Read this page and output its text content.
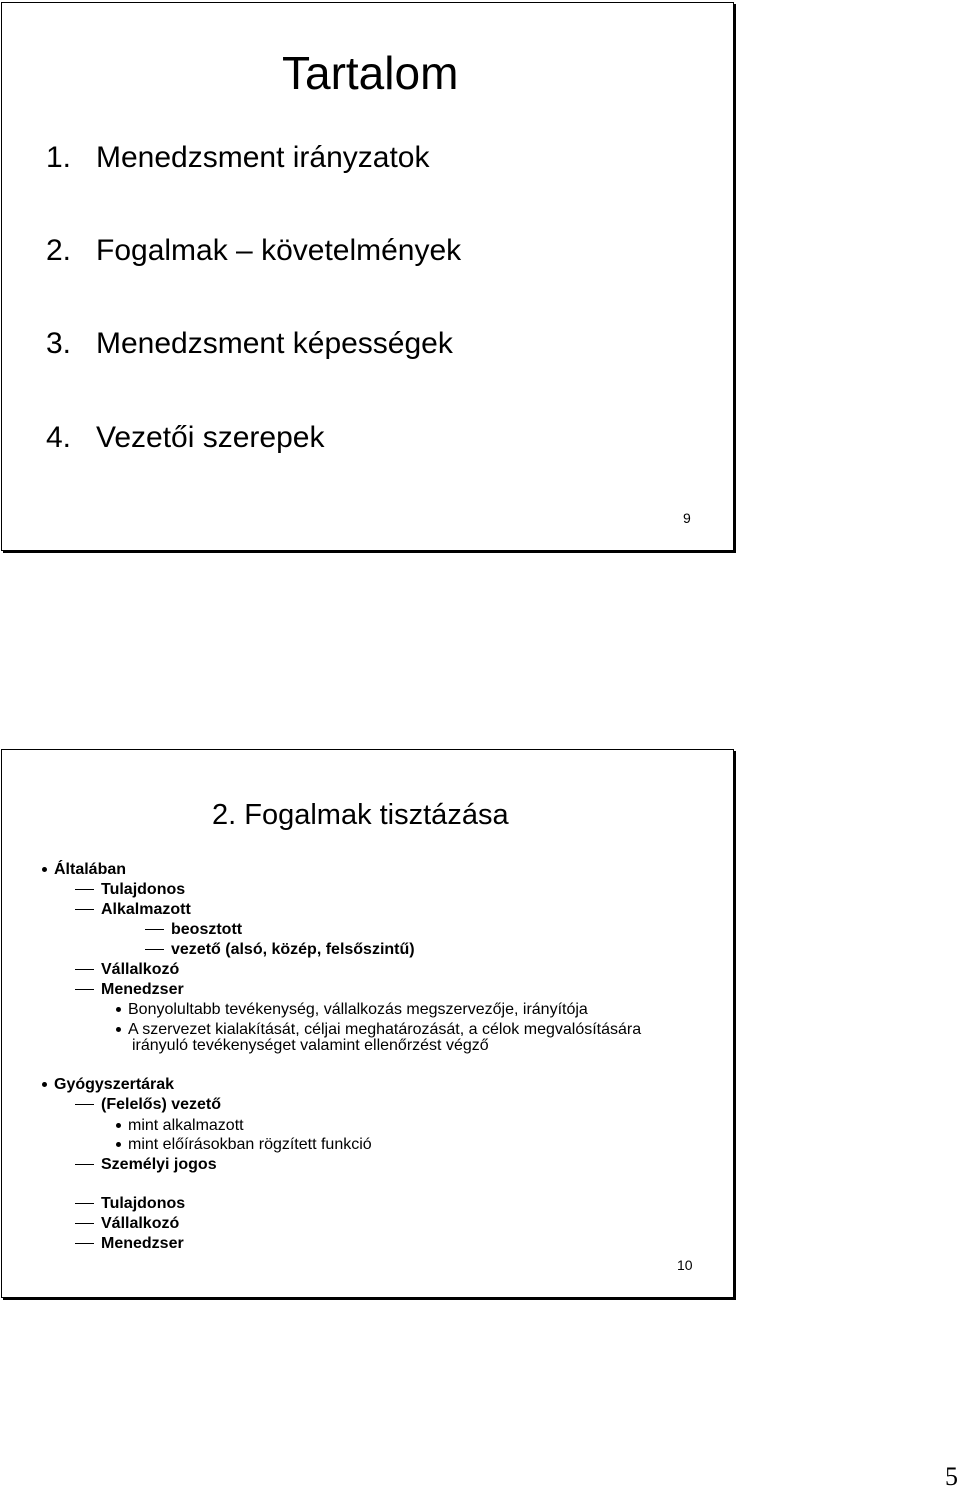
Tartalom
1. Menedzsment irányzatok
2. Fogalmak – követelmények
3. Menedzsment képességek
4. Vezetői szerepek
9
2. Fogalmak tisztázása
Általában
Tulajdonos
Alkalmazott
beosztott
vezető (alsó, közép, felsőszintű)
Vállalkozó
Menedzser
Bonyolultabb tevékenység, vállalkozás megszervezője, irányítója
A szervezet kialakítását, céljai meghatározását, a célok megvalósítására
irányuló tevékenységet valamint ellenőrzést végző
Gyógyszertárak
(Felelős) vezető
mint alkalmazott
mint előírásokban rögzített funkció
Személyi jogos
Tulajdonos
Vállalkozó
Menedzser
10
5
